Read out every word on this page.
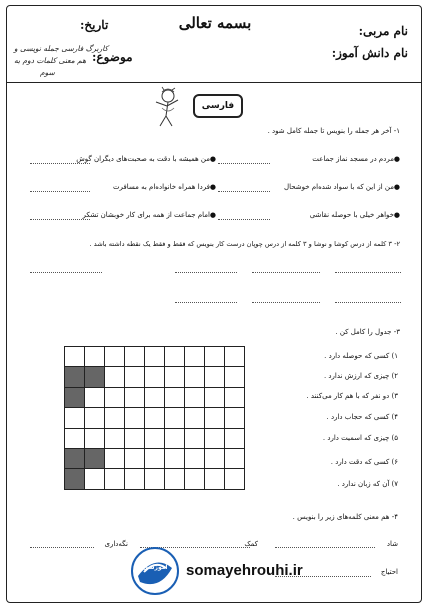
بسمه تعالی	نام مربی:
نام دانش آموز:
تاریخ:
موضوع:
کاربرگ فارسی جمله نویسی و
هم معنی کلمات دوم به
سوم
فارسی
۱- آخر هر جمله را بنویس تا جمله کامل شود .
مردم در مسجد نماز جماعت ●
من همیشه با دقت به صحبت‌های دیگران گوش ●
من از این که با سواد شده‌ام خوشحال ●
فردا همراه خانواده‌ام به مسافرت ●
خواهر خیلی با حوصله نقاشی ●
امام جماعت از همه برای کار خوبشان تشکر ●
۲- ۳ کلمه از درس کوشا و نوشا و ۳ کلمه از درس چوپان درست کار بنویس که فقط و فقط یک نقطه داشته باشد .
۳- جدول را کامل کن .

۱) کسی که حوصله دارد .
۲) چیزی که ارزش ندارد .
۳) دو نفر که با هم کار می‌کنند .
۴) کسی که حجاب دارد .
۵) چیزی که اسمیت دارد .
۶) کسی که دقت دارد .
۷) آن که زبان ندارد .
۴- هم معنی کلمه‌های زیر را بنویس .
شاد
کمک
نگه‌داری
احتیاج
آموزشی	somayehrouhi.ir
